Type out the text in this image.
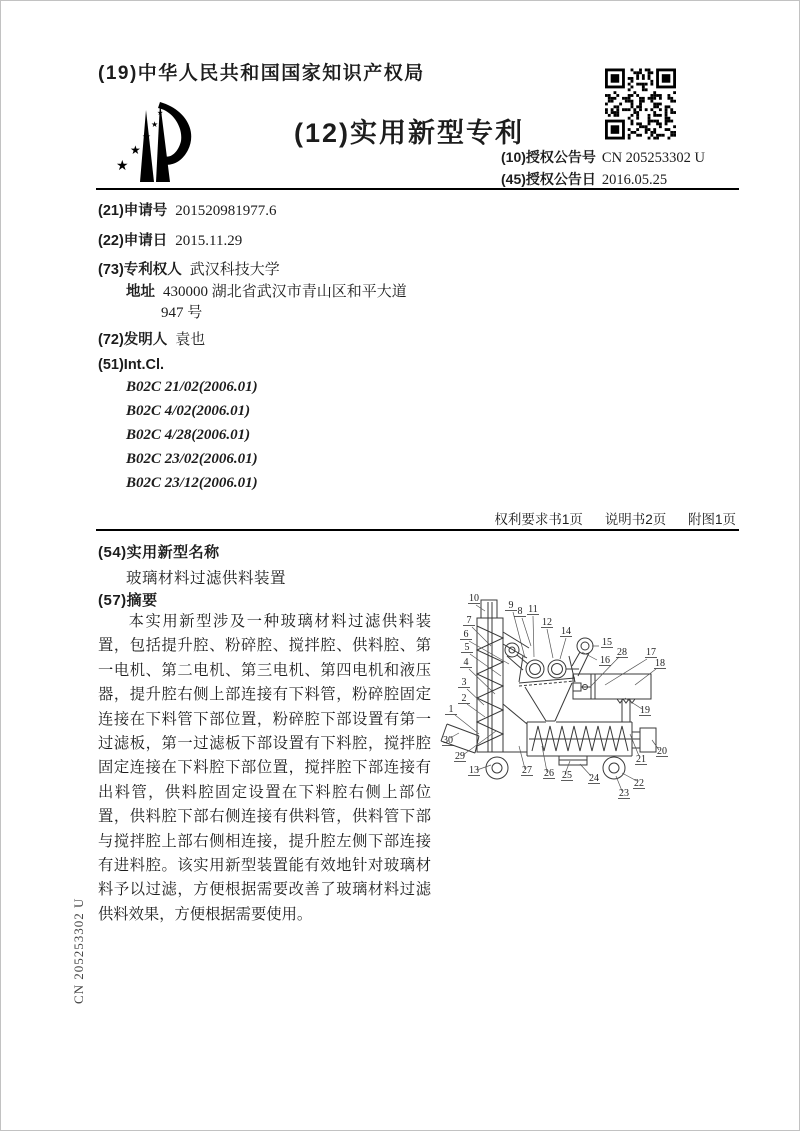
(19)中华人民共和国国家知识产权局
★
★
★
★
★
(12)实用新型专利
(10)授权公告号 CN 205253302 U
(45)授权公告日 2016.05.25
(21)申请号 201520981977.6
(22)申请日 2015.11.29
(73)专利权人 武汉科技大学
地址 430000 湖北省武汉市青山区和平大道
947 号
(72)发明人 袁也
(51)Int.Cl.
B02C 21/02(2006.01)
B02C 4/02(2006.01)
B02C 4/28(2006.01)
B02C 23/02(2006.01)
B02C 23/12(2006.01)
权利要求书1页 说明书2页 附图1页
(54)实用新型名称
玻璃材料过滤供料装置
(57)摘要
本实用新型涉及一种玻璃材料过滤供料装置，包括提升腔、粉碎腔、搅拌腔、供料腔、第一电机、第二电机、第三电机、第四电机和液压器，提升腔右侧上部连接有下料管，粉碎腔固定连接在下料管下部位置，粉碎腔下部设置有第一过滤板，第一过滤板下部设置有下料腔，搅拌腔固定连接在下料腔下部位置，搅拌腔下部连接有出料管，供料腔固定设置在下料腔右侧上部位置，供料腔下部右侧连接有供料管，供料管下部与搅拌腔上部右侧相连接，提升腔左侧下部连接有进料腔。该实用新型装置能有效地针对玻璃材料予以过滤，方便根据需要改善了玻璃材料过滤供料效果，方便根据需要使用。
1
2
3
4
5
6
7
8
9
10
11
12
13
14
15
16
17
18
19
20
21
22
23
24
25
26
27
28
29
30
CN 205253302 U
